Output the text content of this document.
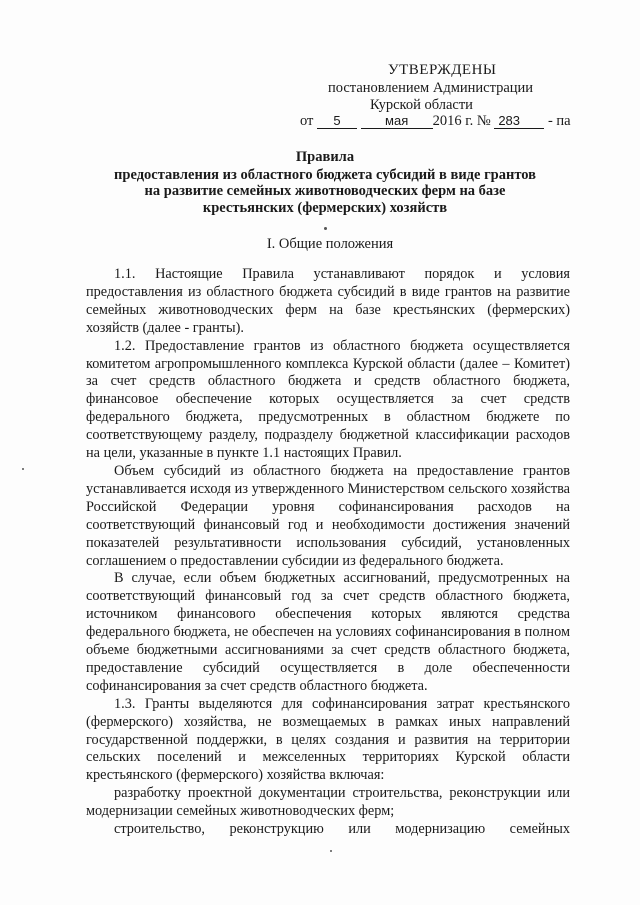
УТВЕРЖДЕНЫ
постановлением Администрации
Курской области
от 5	мая 2016 г. № 283 - па
Правила
предоставления из областного бюджета субсидий в виде грантов
на развитие семейных животноводческих ферм на базе
крестьянских (фермерских) хозяйств
I. Общие положения

1.1. Настоящие Правила устанавливают порядок и условия предоставления из областного бюджета субсидий в виде грантов на развитие семейных животноводческих ферм на базе крестьянских (фермерских) хозяйств (далее - гранты).

1.2. Предоставление грантов из областного бюджета осуществляется комитетом агропромышленного комплекса Курской области (далее – Комитет) за счет средств областного бюджета и средств областного бюджета, финансовое обеспечение которых осуществляется за счет средств федерального бюджета, предусмотренных в областном бюджете по соответствующему разделу, подразделу бюджетной классификации расходов на цели, указанные в пункте 1.1 настоящих Правил.

Объем субсидий из областного бюджета на предоставление грантов устанавливается исходя из утвержденного Министерством сельского хозяйства Российской Федерации уровня софинансирования расходов на соответствующий финансовый год и необходимости достижения значений показателей результативности использования субсидий, установленных соглашением о предоставлении субсидии из федерального бюджета.

В случае, если объем бюджетных ассигнований, предусмотренных на соответствующий финансовый год за счет средств областного бюджета, источником финансового обеспечения которых являются средства федерального бюджета, не обеспечен на условиях софинансирования в полном объеме бюджетными ассигнованиями за счет средств областного бюджета, предоставление субсидий осуществляется в доле обеспеченности софинансирования за счет средств областного бюджета.

1.3. Гранты выделяются для софинансирования затрат крестьянского (фермерского) хозяйства, не возмещаемых в рамках иных направлений государственной поддержки, в целях создания и развития на территории сельских поселений и межселенных территориях Курской области крестьянского (фермерского) хозяйства включая:

разработку проектной документации строительства, реконструкции или модернизации семейных животноводческих ферм;

строительство, реконструкцию или модернизацию семейных
